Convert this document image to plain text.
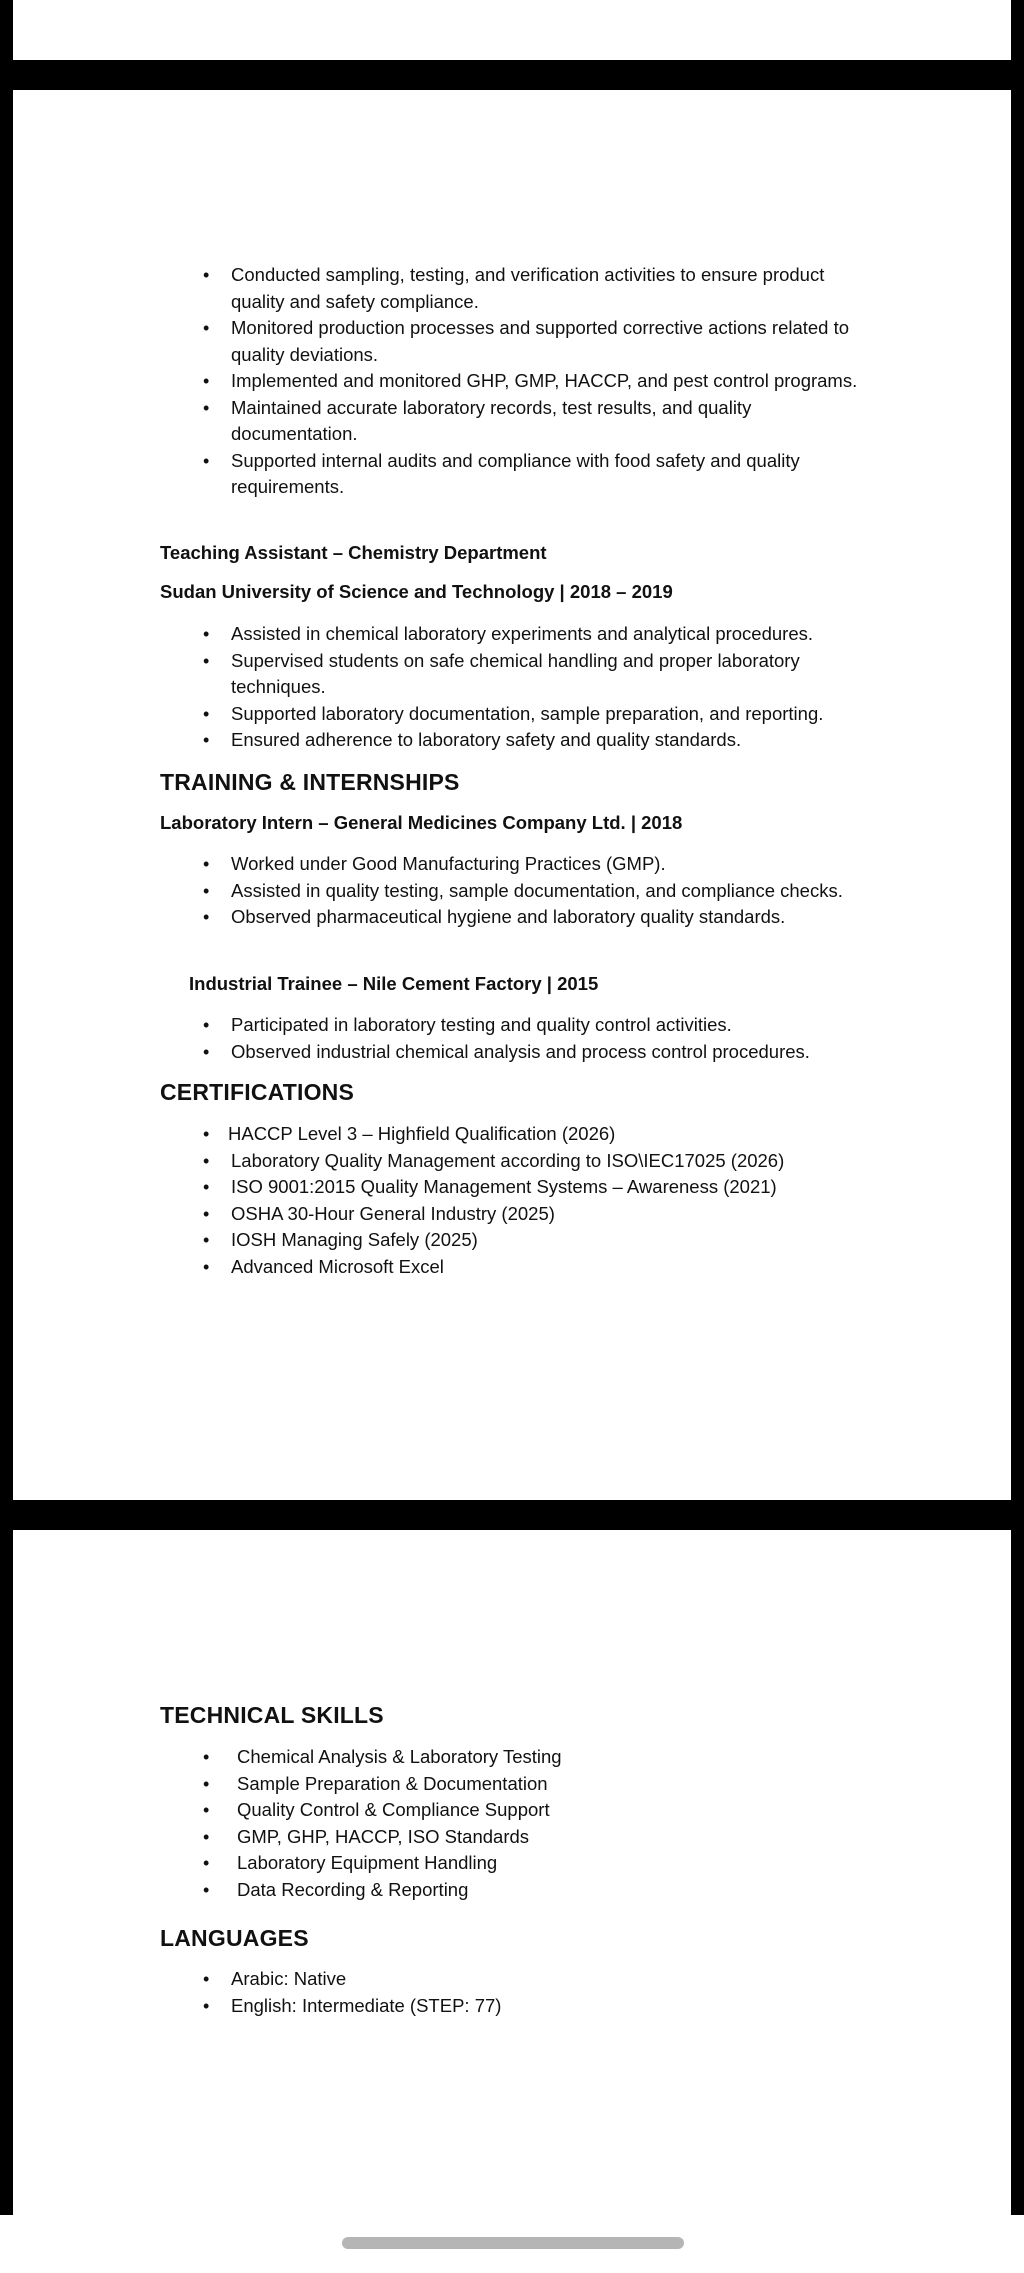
• Conducted sampling, testing, and verification activities to ensure product quality and safety compliance.
• Monitored production processes and supported corrective actions related to quality deviations.
• Implemented and monitored GHP, GMP, HACCP, and pest control programs.
• Maintained accurate laboratory records, test results, and quality documentation.
• Supported internal audits and compliance with food safety and quality requirements.
Teaching Assistant – Chemistry Department
Sudan University of Science and Technology | 2018 – 2019
• Assisted in chemical laboratory experiments and analytical procedures.
• Supervised students on safe chemical handling and proper laboratory techniques.
• Supported laboratory documentation, sample preparation, and reporting.
• Ensured adherence to laboratory safety and quality standards.
TRAINING & INTERNSHIPS
Laboratory Intern – General Medicines Company Ltd. | 2018
• Worked under Good Manufacturing Practices (GMP).
• Assisted in quality testing, sample documentation, and compliance checks.
• Observed pharmaceutical hygiene and laboratory quality standards.
Industrial Trainee – Nile Cement Factory | 2015
• Participated in laboratory testing and quality control activities.
• Observed industrial chemical analysis and process control procedures.
CERTIFICATIONS
• HACCP Level 3 – Highfield Qualification (2026)
• Laboratory Quality Management according to ISO\IEC17025 (2026)
• ISO 9001:2015 Quality Management Systems – Awareness (2021)
• OSHA 30-Hour General Industry (2025)
• IOSH Managing Safely (2025)
• Advanced Microsoft Excel
TECHNICAL SKILLS
• Chemical Analysis & Laboratory Testing
• Sample Preparation & Documentation
• Quality Control & Compliance Support
• GMP, GHP, HACCP, ISO Standards
• Laboratory Equipment Handling
• Data Recording & Reporting
LANGUAGES
• Arabic: Native
• English: Intermediate (STEP: 77)
